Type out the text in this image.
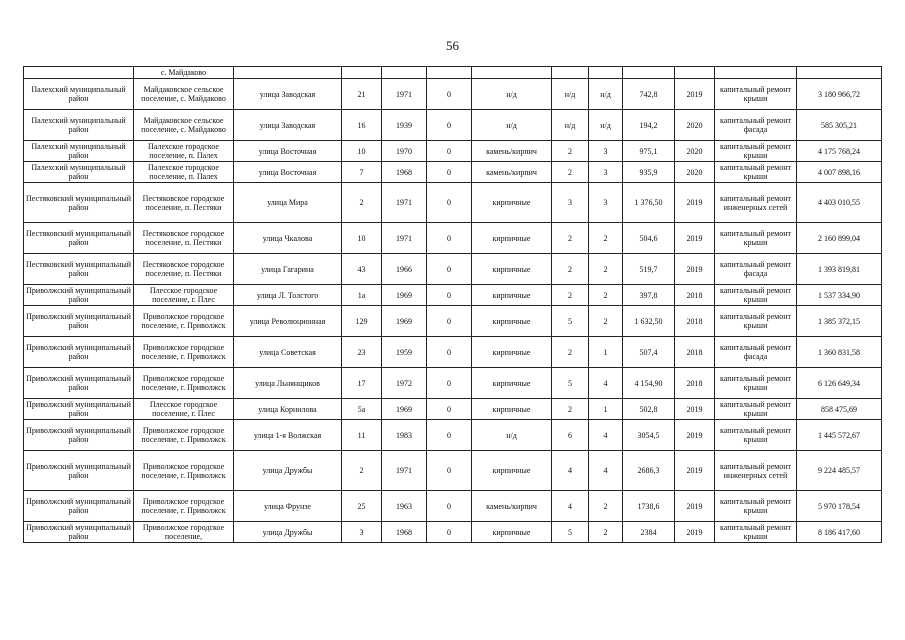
56
	с. Майдаково											
Палехский муниципальный район	Майдаковское сельское поселение, с. Майдаково	улица Заводская	21	1971	0	н/д	н/д	н/д	742,8	2019	капитальный ремонт крыши	3 180 966,72
Палехский муниципальный район	Майдаковское сельское поселение, с. Майдаково	улица Заводская	16	1939	0	н/д	н/д	н/д	194,2	2020	капитальный ремонт фасада	585 305,21
Палехский муниципальный район	Палехское городское поселение, п. Палех	улица Восточная	10	1970	0	камень/кирпич	2	3	975,1	2020	капитальный ремонт крыши	4 175 768,24
Палехский муниципальный район	Палехское городское поселение, п. Палех	улица Восточная	7	1968	0	камень/кирпич	2	3	935,9	2020	капитальный ремонт крыши	4 007 898,16
Пестяковский муниципальный район	Пестяковское городское поселение, п. Пестяки	улица Мира	2	1971	0	кирпичные	3	3	1 376,50	2019	капитальный ремонт инженерных сетей	4 403 010,55
Пестяковский муниципальный район	Пестяковское городское поселение, п. Пестяки	улица Чкалова	10	1971	0	кирпичные	2	2	504,6	2019	капитальный ремонт крыши	2 160 899,04
Пестяковский муниципальный район	Пестяковское городское поселение, п. Пестяки	улица Гагарина	43	1966	0	кирпичные	2	2	519,7	2019	капитальный ремонт фасада	1 393 819,81
Приволжский муниципальный район	Плесское городское поселение, г. Плес	улица Л. Толстого	1а	1969	0	кирпичные	2	2	397,8	2018	капитальный ремонт крыши	1 537 334,90
Приволжский муниципальный район	Приволжское городское поселение, г. Приволжск	улица Революционная	129	1969	0	кирпичные	5	2	1 632,50	2018	капитальный ремонт крыши	1 385 372,15
Приволжский муниципальный район	Приволжское городское поселение, г. Приволжск	улица Советская	23	1959	0	кирпичные	2	1	507,4	2018	капитальный ремонт фасада	1 360 831,58
Приволжский муниципальный район	Приволжское городское поселение, г. Приволжск	улица Льнянщиков	17	1972	0	кирпичные	5	4	4 154,90	2018	капитальный ремонт крыши	6 126 649,34
Приволжский муниципальный район	Плесское городское поселение, г. Плес	улица Корнилова	5а	1969	0	кирпичные	2	1	502,8	2019	капитальный ремонт крыши	858 475,69
Приволжский муниципальный район	Приволжское городское поселение, г. Приволжск	улица 1-я Волжская	11	1983	0	н/д	6	4	3054,5	2019	капитальный ремонт крыши	1 445 572,67
Приволжский муниципальный район	Приволжское городское поселение, г. Приволжск	улица Дружбы	2	1971	0	кирпичные	4	4	2686,3	2019	капитальный ремонт инженерных сетей	9 224 485,57
Приволжский муниципальный район	Приволжское городское поселение, г. Приволжск	улица Фрунзе	25	1963	0	камень/кирпич	4	2	1738,6	2019	капитальный ремонт крыши	5 970 178,54
Приволжский муниципальный район	Приволжское городское поселение,	улица Дружбы	3	1968	0	кирпичные	5	2	2384	2019	капитальный ремонт крыши	8 186 417,60
